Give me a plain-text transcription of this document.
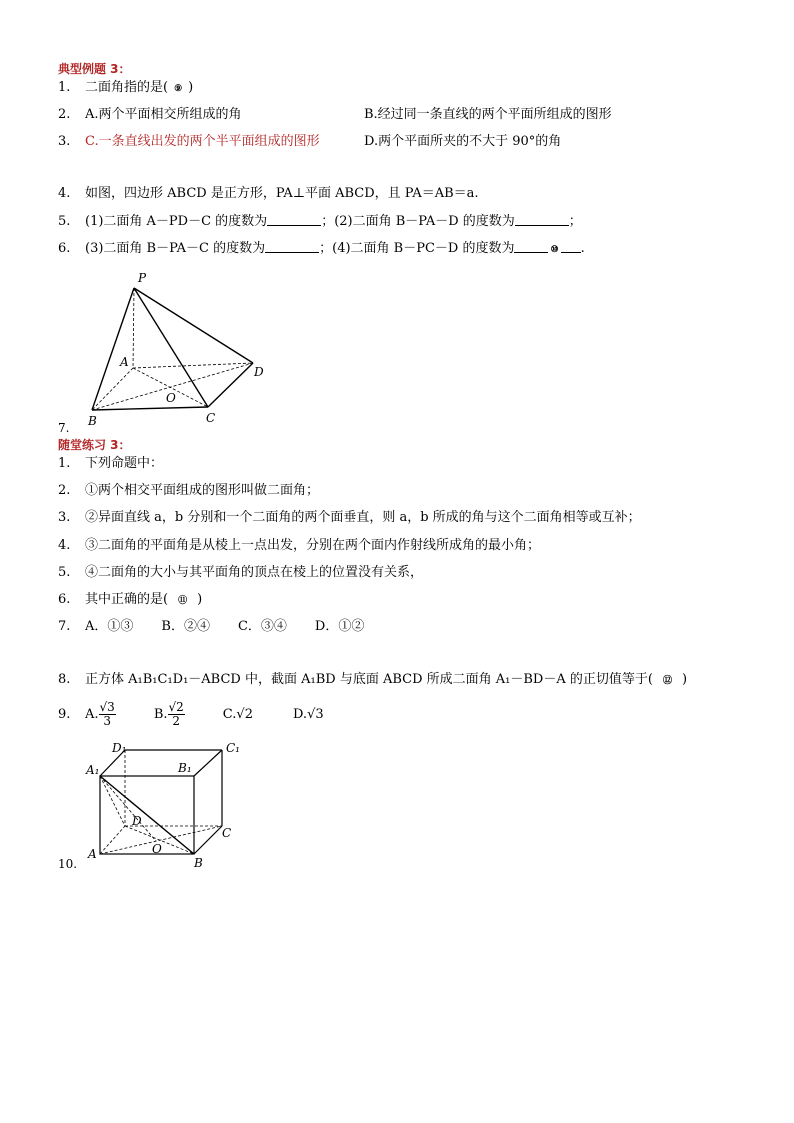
典型例题 3：
1. 二面角指的是( ⑨ )
2. A.两个平面相交所组成的角	B.经过同一条直线的两个平面所组成的图形
3. C.一条直线出发的两个半平面组成的图形	D.两个平面所夹的不大于 90°的角
4. 如图，四边形 ABCD 是正方形，PA⊥平面 ABCD，且 PA＝AB＝a.
5. (1)二面角 A－PD－C 的度数为	；(2)二面角 B－PA－D 的度数为	；
6. (3)二面角 B－PA－C 的度数为	；(4)二面角 B－PC－D 的度数为	⑩ .
P
A
B	C
D
O
7.
随堂练习 3：
1. 下列命题中：
2. ①两个相交平面组成的图形叫做二面角；
3. ②异面直线 a，b 分别和一个二面角的两个面垂直，则 a，b 所成的角与这个二面角相等或互补；
4. ③二面角的平面角是从棱上一点出发，分别在两个面内作射线所成角的最小角；
5. ④二面角的大小与其平面角的顶点在棱上的位置没有关系，
6. 其中正确的是( ⑪ )
7. A．①③ B．②④ C．③④ D．①②
8. 正方体 A₁B₁C₁D₁－ABCD 中，截面 A₁BD 与底面 ABCD 所成二面角 A₁－BD－A 的正切值等于( ⑫ )
9. A. $\frac{√3}{3}$	B. $\frac{√2}{2}$	C.√2	D.√3
D₁	C₁
A₁	B₁
D
C
A	O
B
10.
